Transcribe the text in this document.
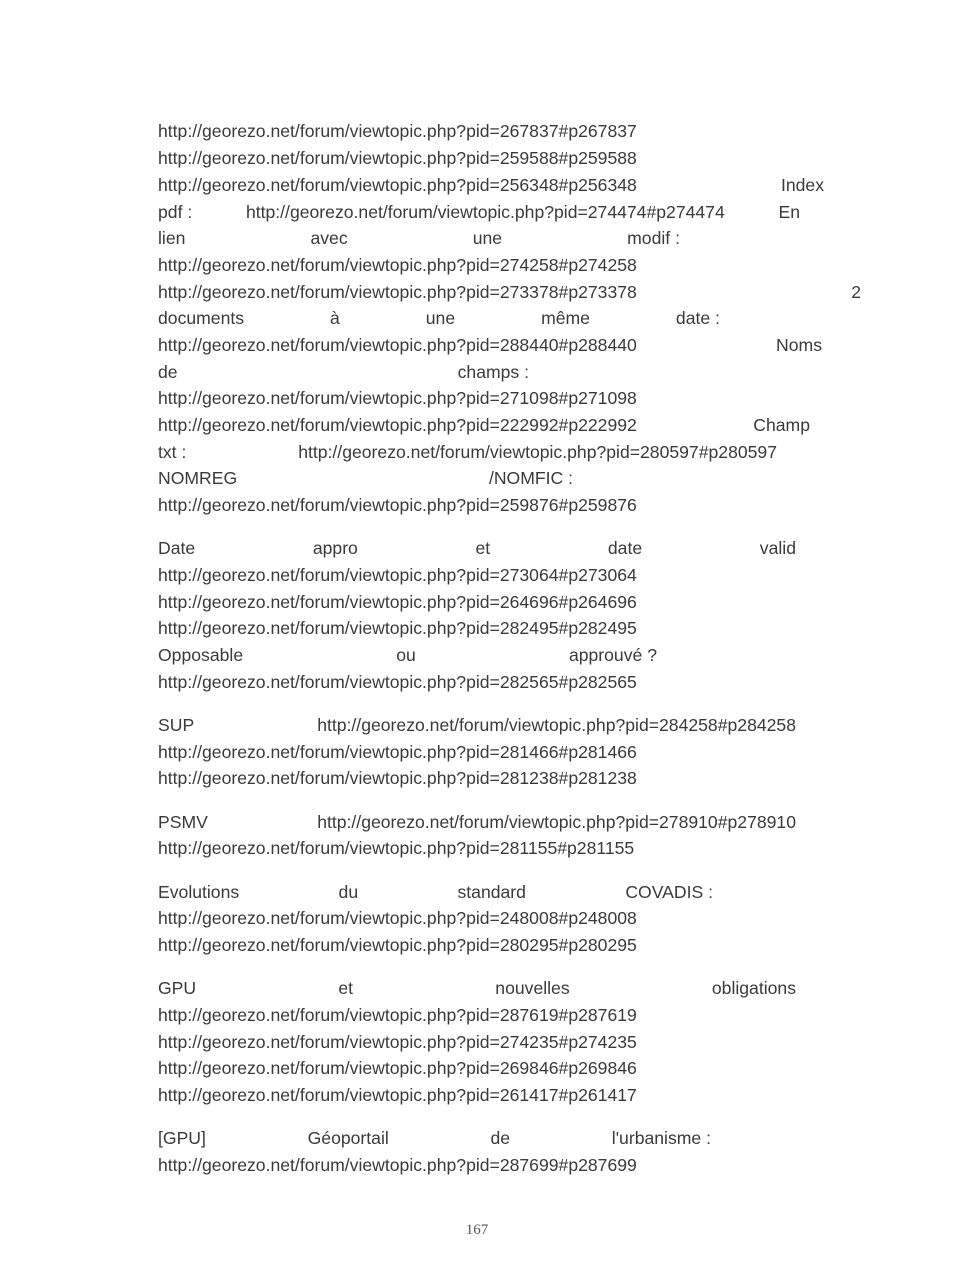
http://georezo.net/forum/viewtopic.php?pid=267837#p267837
http://georezo.net/forum/viewtopic.php?pid=259588#p259588
http://georezo.net/forum/viewtopic.php?pid=256348#p256348	Index
pdf :	http://georezo.net/forum/viewtopic.php?pid=274474#p274474	En
lien	avec	une	modif :
http://georezo.net/forum/viewtopic.php?pid=274258#p274258
http://georezo.net/forum/viewtopic.php?pid=273378#p273378	2
documents	à	une	même	date :
http://georezo.net/forum/viewtopic.php?pid=288440#p288440	Noms
de	champs :
http://georezo.net/forum/viewtopic.php?pid=271098#p271098
http://georezo.net/forum/viewtopic.php?pid=222992#p222992	Champ
txt :	http://georezo.net/forum/viewtopic.php?pid=280597#p280597
NOMREG	/NOMFIC :
http://georezo.net/forum/viewtopic.php?pid=259876#p259876
Date	appro	et	date	valid
http://georezo.net/forum/viewtopic.php?pid=273064#p273064
http://georezo.net/forum/viewtopic.php?pid=264696#p264696
http://georezo.net/forum/viewtopic.php?pid=282495#p282495
Opposable	ou	approuvé ?
http://georezo.net/forum/viewtopic.php?pid=282565#p282565
SUP	http://georezo.net/forum/viewtopic.php?pid=284258#p284258
http://georezo.net/forum/viewtopic.php?pid=281466#p281466
http://georezo.net/forum/viewtopic.php?pid=281238#p281238
PSMV	http://georezo.net/forum/viewtopic.php?pid=278910#p278910
http://georezo.net/forum/viewtopic.php?pid=281155#p281155
Evolutions	du	standard	COVADIS :
http://georezo.net/forum/viewtopic.php?pid=248008#p248008
http://georezo.net/forum/viewtopic.php?pid=280295#p280295
GPU	et	nouvelles	obligations
http://georezo.net/forum/viewtopic.php?pid=287619#p287619
http://georezo.net/forum/viewtopic.php?pid=274235#p274235
http://georezo.net/forum/viewtopic.php?pid=269846#p269846
http://georezo.net/forum/viewtopic.php?pid=261417#p261417
[GPU]	Géoportail	de	l'urbanisme :
http://georezo.net/forum/viewtopic.php?pid=287699#p287699
167
